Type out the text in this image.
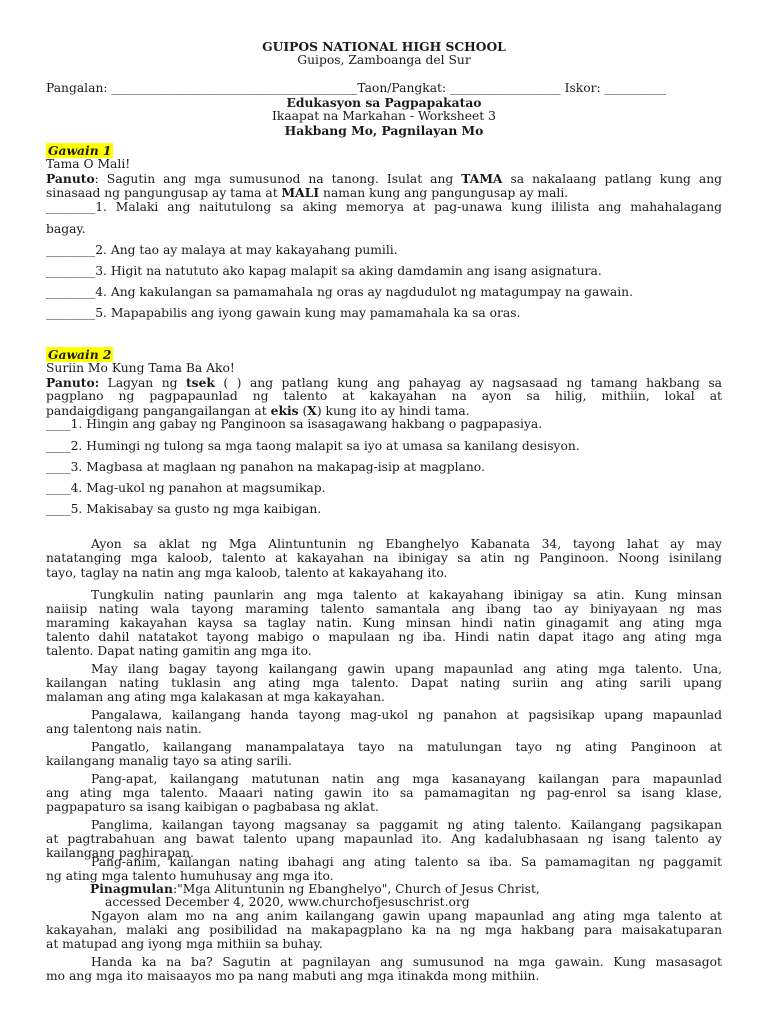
GUIPOS NATIONAL HIGH SCHOOL
Guipos, Zamboanga del Sur
Pangalan: ________________________________________Taon/Pangkat: __________________ Iskor: __________
Edukasyon sa Pagpapakatao
Ikaapat na Markahan - Worksheet 3
Hakbang Mo, Pagnilayan Mo
Gawain 1
Tama O Mali!
Panuto: Sagutin ang mga sumusunod na tanong. Isulat ang TAMA sa nakalaang patlang kung ang
sinasaad ng pangungusap ay tama at MALI naman kung ang pangungusap ay mali.
________1. Malaki ang naitutulong sa aking memorya at pag-unawa kung ililista ang mahahalagang
bagay.
________2. Ang tao ay malaya at may kakayahang pumili.
________3. Higit na natututo ako kapag malapit sa aking damdamin ang isang asignatura.
________4. Ang kakulangan sa pamamahala ng oras ay nagdudulot ng matagumpay na gawain.
________5. Mapapabilis ang iyong gawain kung may pamamahala ka sa oras.
Gawain 2
Suriin Mo Kung Tama Ba Ako!
Panuto: Lagyan ng tsek ( ) ang patlang kung ang pahayag ay nagsasaad ng tamang hakbang sa
pagplano ng pagpapaunlad ng talento at kakayahan na ayon sa hilig, mithiin, lokal at
pandaigdigang pangangailangan at ekis (X) kung ito ay hindi tama.
____1. Hingin ang gabay ng Panginoon sa isasagawang hakbang o pagpapasiya.
____2. Humingi ng tulong sa mga taong malapit sa iyo at umasa sa kanilang desisyon.
____3. Magbasa at maglaan ng panahon na makapag-isip at magplano.
____4. Mag-ukol ng panahon at magsumikap.
____5. Makisabay sa gusto ng mga kaibigan.
Ayon sa aklat ng Mga Alintuntunin ng Ebanghelyo Kabanata 34, tayong lahat ay may
natatanging mga kaloob, talento at kakayahan na ibinigay sa atin ng Panginoon. Noong isinilang
tayo, taglay na natin ang mga kaloob, talento at kakayahang ito.
Tungkulin nating paunlarin ang mga talento at kakayahang ibinigay sa atin. Kung minsan
naiisip nating wala tayong maraming talento samantala ang ibang tao ay biniyayaan ng mas
maraming kakayahan kaysa sa taglay natin. Kung minsan hindi natin ginagamit ang ating mga
talento dahil natatakot tayong mabigo o mapulaan ng iba. Hindi natin dapat itago ang ating mga
talento. Dapat nating gamitin ang mga ito.
May ilang bagay tayong kailangang gawin upang mapaunlad ang ating mga talento. Una,
kailangan nating tuklasin ang ating mga talento. Dapat nating suriin ang ating sarili upang
malaman ang ating mga kalakasan at mga kakayahan.
Pangalawa, kailangang handa tayong mag-ukol ng panahon at pagsisikap upang mapaunlad
ang talentong nais natin.
Pangatlo, kailangang manampalataya tayo na matulungan tayo ng ating Panginoon at
kailangang manalig tayo sa ating sarili.
Pang-apat, kailangang matutunan natin ang mga kasanayang kailangan para mapaunlad
ang ating mga talento. Maaari nating gawin ito sa pamamagitan ng pag-enrol sa isang klase,
pagpapaturo sa isang kaibigan o pagbabasa ng aklat.
Panglima, kailangan tayong magsanay sa paggamit ng ating talento. Kailangang pagsikapan
at pagtrabahuan ang bawat talento upang mapaunlad ito. Ang kadalubhasaan ng isang talento ay
kailangang paghirapan.
Pang-anim, kailangan nating ibahagi ang ating talento sa iba. Sa pamamagitan ng paggamit
ng ating mga talento humuhusay ang mga ito.
Pinagmulan:"Mga Alituntunin ng Ebanghelyo", Church of Jesus Christ,
accessed December 4, 2020, www.churchofjesuschrist.org
Ngayon alam mo na ang anim kailangang gawin upang mapaunlad ang ating mga talento at
kakayahan, malaki ang posibilidad na makapagplano ka na ng mga hakbang para maisakatuparan
at matupad ang iyong mga mithiin sa buhay.
Handa ka na ba? Sagutin at pagnilayan ang sumusunod na mga gawain. Kung masasagot
mo ang mga ito maisaayos mo pa nang mabuti ang mga itinakda mong mithiin.
